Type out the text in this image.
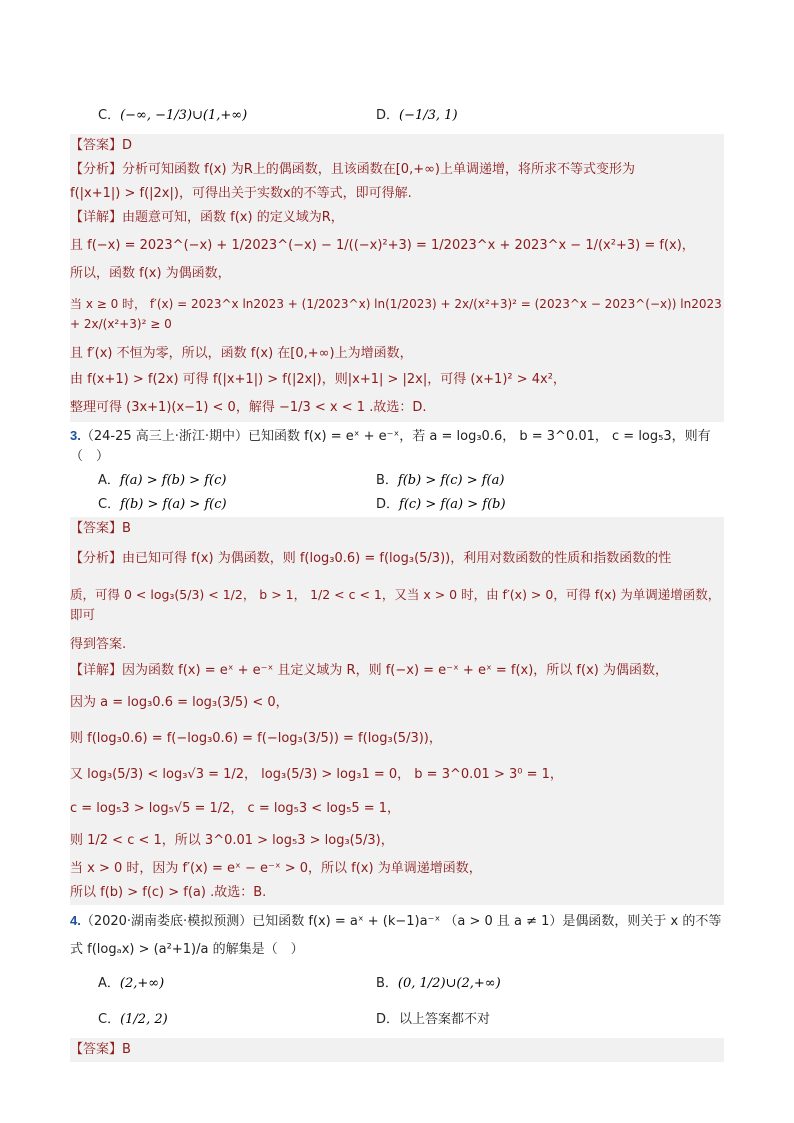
C． (−∞, −1/3)∪(1,+∞)	D． (−1/3, 1)
【答案】D
【分析】分析可知函数 f(x) 为R上的偶函数，且该函数在[0,+∞)上单调递增，将所求不等式变形为
f(|x+1|) > f(|2x|)，可得出关于实数x的不等式，即可得解.
【详解】由题意可知，函数 f(x) 的定义域为R，
且 f(−x) = 2023^(−x) + 1/2023^(−x) − 1/((−x)²+3) = 1/2023^x + 2023^x − 1/(x²+3) = f(x)，
所以，函数 f(x) 为偶函数，
当 x ≥ 0 时， f′(x) = 2023^x ln2023 + (1/2023^x) ln(1/2023) + 2x/(x²+3)² = (2023^x − 2023^(−x)) ln2023 + 2x/(x²+3)² ≥ 0
且 f′(x) 不恒为零，所以，函数 f(x) 在[0,+∞)上为增函数，
由 f(x+1) > f(2x) 可得 f(|x+1|) > f(|2x|)，则|x+1| > |2x|，可得 (x+1)² > 4x²，
整理可得 (3x+1)(x−1) < 0，解得 −1/3 < x < 1 .故选：D.
3.（24-25 高三上·浙江·期中）已知函数 f(x) = eˣ + e⁻ˣ，若 a = log₃0.6， b = 3^0.01， c = log₅3，则有（　）
A． f(a) > f(b) > f(c)	B． f(b) > f(c) > f(a)
C． f(b) > f(a) > f(c)	D． f(c) > f(a) > f(b)
【答案】B
【分析】由已知可得 f(x) 为偶函数，则 f(log₃0.6) = f(log₃(5/3))，利用对数函数的性质和指数函数的性
质，可得 0 < log₃(5/3) < 1/2， b > 1， 1/2 < c < 1，又当 x > 0 时，由 f′(x) > 0，可得 f(x) 为单调递增函数，即可
得到答案.
【详解】因为函数 f(x) = eˣ + e⁻ˣ 且定义域为 R，则 f(−x) = e⁻ˣ + eˣ = f(x)，所以 f(x) 为偶函数，
因为 a = log₃0.6 = log₃(3/5) < 0，
则 f(log₃0.6) = f(−log₃0.6) = f(−log₃(3/5)) = f(log₃(5/3))，
又 log₃(5/3) < log₃√3 = 1/2， log₃(5/3) > log₃1 = 0， b = 3^0.01 > 3⁰ = 1，
c = log₅3 > log₅√5 = 1/2， c = log₅3 < log₅5 = 1，
则 1/2 < c < 1，所以 3^0.01 > log₅3 > log₃(5/3)，
当 x > 0 时，因为 f′(x) = eˣ − e⁻ˣ > 0，所以 f(x) 为单调递增函数，
所以 f(b) > f(c) > f(a) .故选：B.
4.（2020·湖南娄底·模拟预测）已知函数 f(x) = aˣ + (k−1)a⁻ˣ （a > 0 且 a ≠ 1）是偶函数，则关于 x 的不等
式 f(logₐx) > (a²+1)/a 的解集是（　）
A． (2,+∞)	B． (0, 1/2)∪(2,+∞)
C． (1/2, 2)	D． 以上答案都不对
【答案】B
